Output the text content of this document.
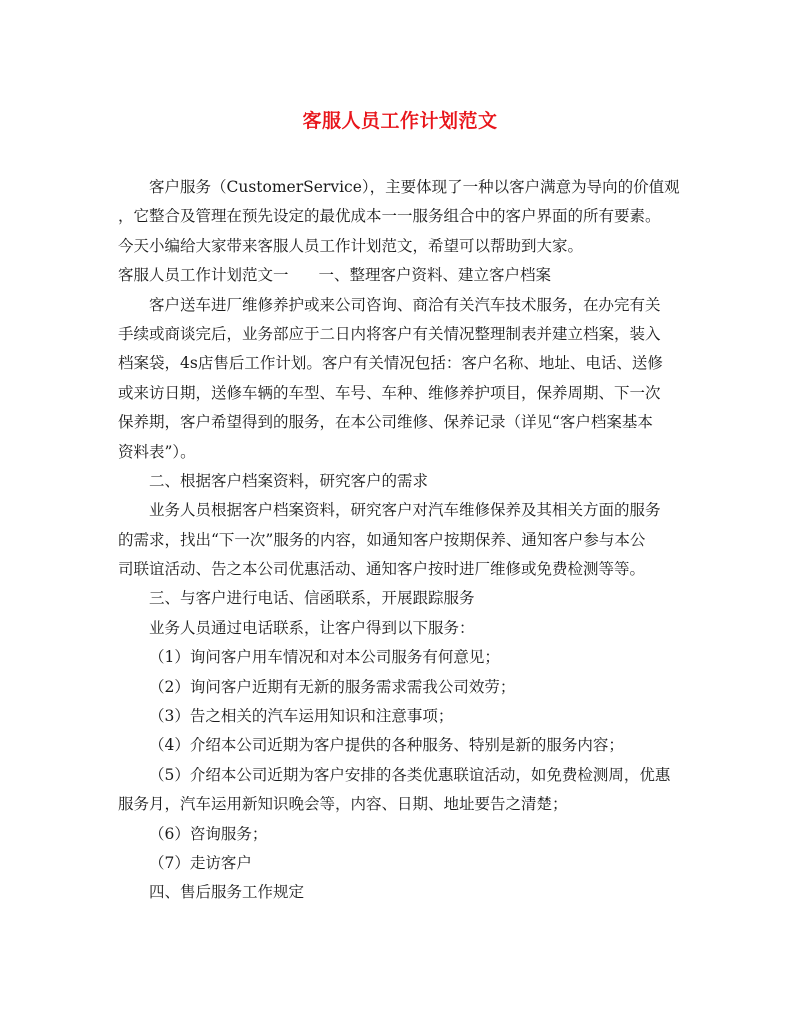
客服人员工作计划范文
客户服务（CustomerService），主要体现了一种以客户满意为导向的价值观
，它整合及管理在预先设定的最优成本一一服务组合中的客户界面的所有要素。
今天小编给大家带来客服人员工作计划范文，希望可以帮助到大家。
客服人员工作计划范文一 一、整理客户资料、建立客户档案
客户送车进厂维修养护或来公司咨询、商洽有关汽车技术服务，在办完有关
手续或商谈完后，业务部应于二日内将客户有关情况整理制表并建立档案，装入
档案袋，4s店售后工作计划。客户有关情况包括：客户名称、地址、电话、送修
或来访日期，送修车辆的车型、车号、车种、维修养护项目，保养周期、下一次
保养期，客户希望得到的服务，在本公司维修、保养记录（详见“客户档案基本
资料表”）。
二、根据客户档案资料，研究客户的需求
业务人员根据客户档案资料，研究客户对汽车维修保养及其相关方面的服务
的需求，找出“下一次”服务的内容，如通知客户按期保养、通知客户参与本公
司联谊活动、告之本公司优惠活动、通知客户按时进厂维修或免费检测等等。
三、与客户进行电话、信函联系，开展跟踪服务
业务人员通过电话联系，让客户得到以下服务：
（1）询问客户用车情况和对本公司服务有何意见；
（2）询问客户近期有无新的服务需求需我公司效劳；
（3）告之相关的汽车运用知识和注意事项；
（4）介绍本公司近期为客户提供的各种服务、特别是新的服务内容；
（5）介绍本公司近期为客户安排的各类优惠联谊活动，如免费检测周，优惠
服务月，汽车运用新知识晚会等，内容、日期、地址要告之清楚；
（6）咨询服务；
（7）走访客户
四、售后服务工作规定
